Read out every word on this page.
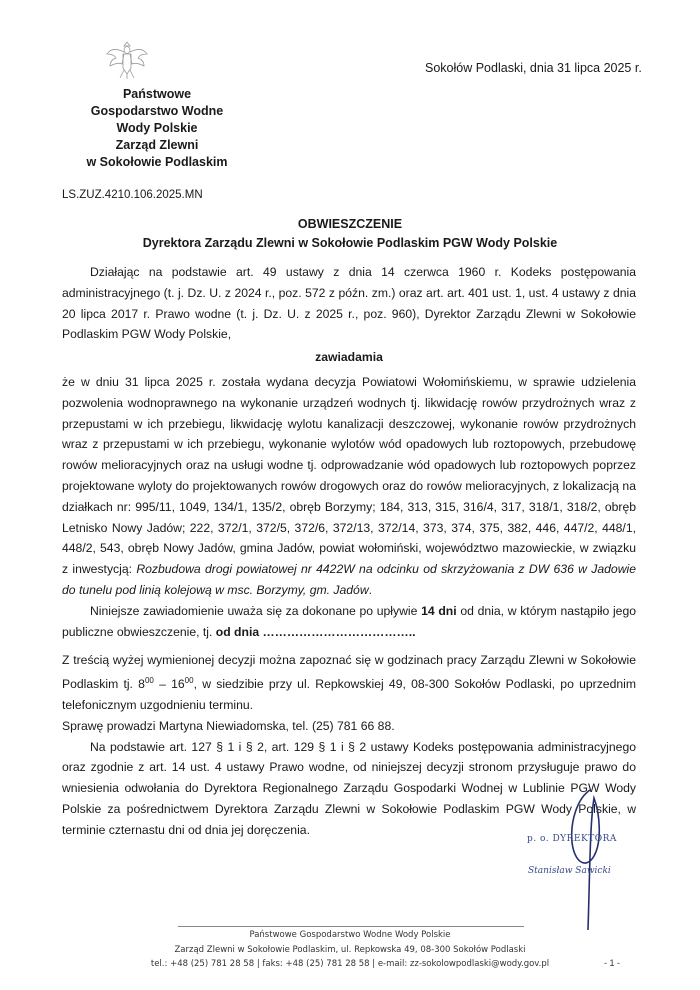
Państwowe
Gospodarstwo Wodne
Wody Polskie
Zarząd Zlewni
w Sokołowie Podlaskim
Sokołów Podlaski, dnia 31 lipca 2025 r.
LS.ZUZ.4210.106.2025.MN
OBWIESZCZENIE
Dyrektora Zarządu Zlewni w Sokołowie Podlaskim PGW Wody Polskie

Działając na podstawie art. 49 ustawy z dnia 14 czerwca 1960 r. Kodeks postępowania administracyjnego (t. j. Dz. U. z 2024 r., poz. 572 z późn. zm.) oraz art. art. 401 ust. 1, ust. 4 ustawy z dnia 20 lipca 2017 r. Prawo wodne (t. j. Dz. U. z 2025 r., poz. 960), Dyrektor Zarządu Zlewni w Sokołowie Podlaskim PGW Wody Polskie,

zawiadamia

że w dniu 31 lipca 2025 r. została wydana decyzja Powiatowi Wołomińskiemu, w sprawie udzielenia pozwolenia wodnoprawnego na wykonanie urządzeń wodnych tj. likwidację rowów przydrożnych wraz z przepustami w ich przebiegu, likwidację wylotu kanalizacji deszczowej, wykonanie rowów przydrożnych wraz z przepustami w ich przebiegu, wykonanie wylotów wód opadowych lub roztopowych, przebudowę rowów melioracyjnych oraz na usługi wodne tj. odprowadzanie wód opadowych lub roztopowych poprzez projektowane wyloty do projektowanych rowów drogowych oraz do rowów melioracyjnych, z lokalizacją na działkach nr: 995/11, 1049, 134/1, 135/2, obręb Borzymy; 184, 313, 315, 316/4, 317, 318/1, 318/2, obręb Letnisko Nowy Jadów; 222, 372/1, 372/5, 372/6, 372/13, 372/14, 373, 374, 375, 382, 446, 447/2, 448/1, 448/2, 543, obręb Nowy Jadów, gmina Jadów, powiat wołomiński, województwo mazowieckie, w związku z inwestycją: Rozbudowa drogi powiatowej nr 4422W na odcinku od skrzyżowania z DW 636 w Jadowie do tunelu pod linią kolejową w msc. Borzymy, gm. Jadów.

Niniejsze zawiadomienie uważa się za dokonane po upływie 14 dni od dnia, w którym nastąpiło jego publiczne obwieszczenie, tj. od dnia ………………………………..

Z treścią wyżej wymienionej decyzji można zapoznać się w godzinach pracy Zarządu Zlewni w Sokołowie Podlaskim tj. $8^{00} - 16^{00}$, w siedzibie przy ul. Repkowskiej 49, 08-300 Sokołów Podlaski, po uprzednim telefonicznym uzgodnieniu terminu.

Sprawę prowadzi Martyna Niewiadomska, tel. (25) 781 66 88.

Na podstawie art. 127 § 1 i § 2, art. 129 § 1 i § 2 ustawy Kodeks postępowania administracyjnego oraz zgodnie z art. 14 ust. 4 ustawy Prawo wodne, od niniejszej decyzji stronom przysługuje prawo do wniesienia odwołania do Dyrektora Regionalnego Zarządu Gospodarki Wodnej w Lublinie PGW Wody Polskie za pośrednictwem Dyrektora Zarządu Zlewni w Sokołowie Podlaskim PGW Wody Polskie, w terminie czternastu dni od dnia jej doręczenia.

p. o. DYREKTORA
Stanisław Sawicki
Państwowe Gospodarstwo Wodne Wody Polskie
Zarząd Zlewni w Sokołowie Podlaskim, ul. Repkowska 49, 08-300 Sokołów Podlaski
tel.: +48 (25) 781 28 58 | faks: +48 (25) 781 28 58 | e-mail: zz-sokolowpodlaski@wody.gov.pl	- 1 -
